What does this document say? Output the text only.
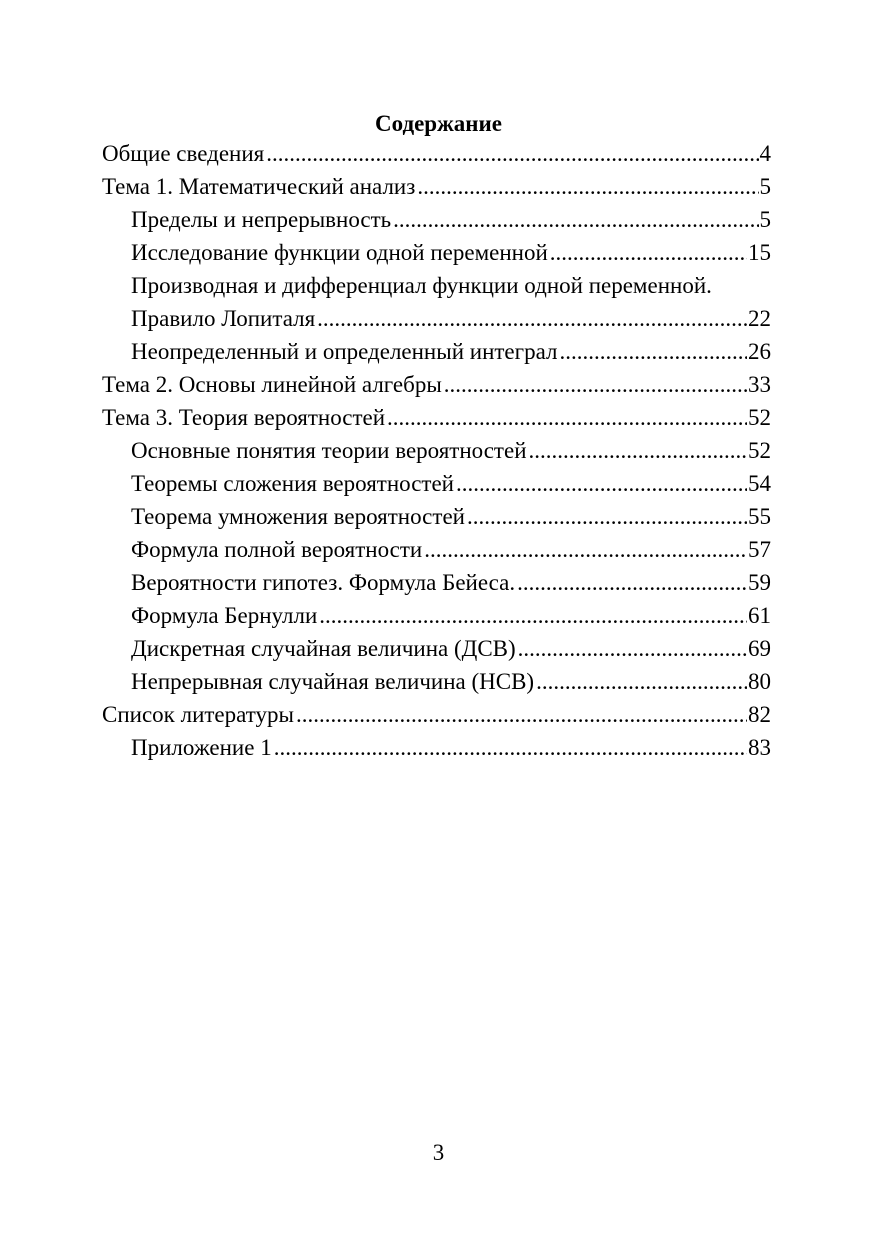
Содержание
Общие сведения .....	4
Тема 1. Математический анализ .....	5
Пределы и непрерывность .....	5
Исследование функции одной переменной .....	15
Производная и дифференциал функции одной переменной.
Правило Лопиталя .....	22
Неопределенный и определенный интеграл .....	26
Тема 2. Основы линейной алгебры .....	33
Тема 3. Теория вероятностей .....	52
Основные понятия теории вероятностей .....	52
Теоремы сложения вероятностей .....	54
Теорема умножения вероятностей .....	55
Формула полной вероятности .....	57
Вероятности гипотез. Формула Бейеса. .....	59
Формула Бернулли .....	61
Дискретная случайная величина (ДСВ) .....	69
Непрерывная случайная величина (НСВ) .....	80
Список литературы .....	82
Приложение 1 .....	83
3
